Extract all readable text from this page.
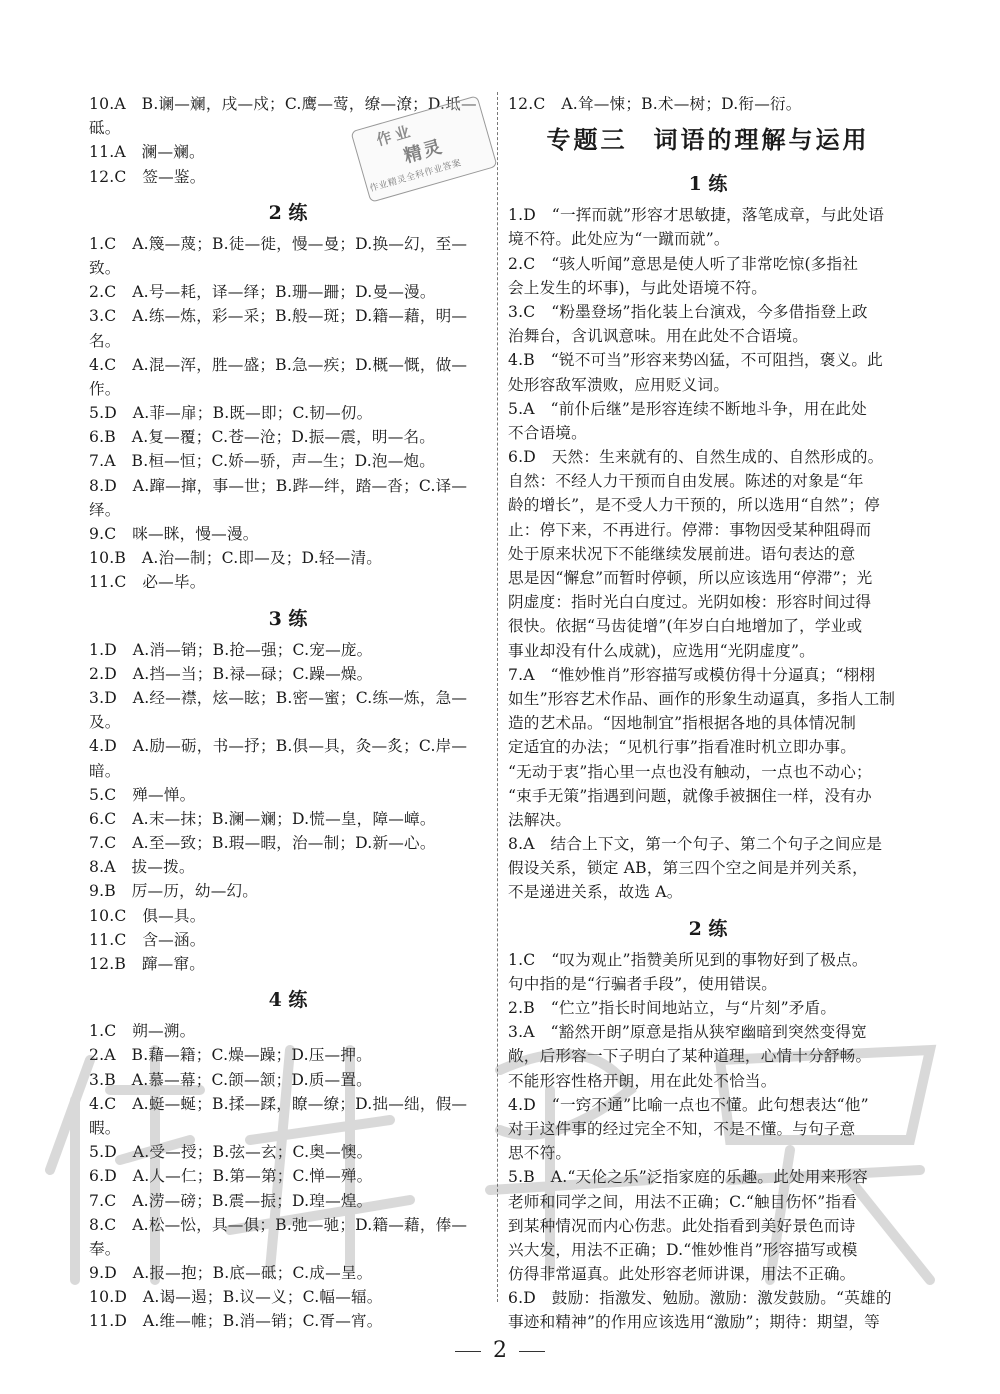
10.A　B.谰—斓，戌—戍；C.鹰—莺，缭—潦；D.坻—
砥。
11.A　澜—斓。
12.C　签—鉴。
2 练
1.C　A.篾—蔑；B.徒—徙，慢—曼；D.换—幻，至—
致。
2.C　A.号—耗，译—绎；B.珊—跚；D.曼—漫。
3.C　A.练—炼，彩—采；B.般—斑；D.籍—藉，明—
名。
4.C　A.混—浑，胜—盛；B.急—疾；D.概—慨，做—
作。
5.D　A.菲—扉；B.既—即；C.韧—仞。
6.B　A.复—覆；C.苍—沧；D.振—震，明—名。
7.A　B.桓—恒；C.娇—骄，声—生；D.泡—炮。
8.D　A.蹿—撺，事—世；B.跸—绊，踏—沓；C.译—
绎。
9.C　咪—眯，慢—漫。
10.B　A.治—制；C.即—及；D.轻—清。
11.C　必—毕。
3 练
1.D　A.消—销；B.抢—强；C.宠—庞。
2.D　A.挡—当；B.禄—碌；C.躁—燥。
3.D　A.经—襟，炫—眩；B.密—蜜；C.练—炼，急—
及。
4.D　A.励—砺，书—抒；B.俱—具，灸—炙；C.岸—
暗。
5.C　殚—惮。
6.C　A.末—抹；B.澜—斓；D.慌—皇，障—嶂。
7.C　A.至—致；B.瑕—暇，治—制；D.新—心。
8.A　拔—拨。
9.B　厉—历，幼—幻。
10.C　俱—具。
11.C　含—涵。
12.B　蹿—窜。
4 练
1.C　朔—溯。
2.A　B.藉—籍；C.燥—躁；D.压—押。
3.B　A.慕—幕；C.颌—颔；D.质—置。
4.C　A.蜓—蜒；B.揉—蹂，瞭—缭；D.拙—绌，假—
暇。
5.D　A.受—授；B.弦—玄；C.奥—懊。
6.D　A.人—仁；B.第—第；C.惮—殚。
7.C　A.涝—磅；B.震—振；D.瑝—煌。
8.C　A.松—忪，具—俱；B.弛—驰；D.籍—藉，俸—
奉。
9.D　A.报—抱；B.底—砥；C.成—呈。
10.D　A.谒—遏；B.议—义；C.幅—辐。
11.D　A.维—帷；B.消—销；C.胥—宵。
12.C　A.耸—悚；B.术—树；D.衔—衍。
专题三 词语的理解与运用
1 练
1.D　“一挥而就”形容才思敏捷，落笔成章，与此处语
境不符。此处应为“一蹴而就”。
2.C　“骇人听闻”意思是使人听了非常吃惊(多指社
会上发生的坏事)，与此处语境不符。
3.C　“粉墨登场”指化装上台演戏，今多借指登上政
治舞台，含讥讽意味。用在此处不合语境。
4.B　“锐不可当”形容来势凶猛，不可阻挡，褒义。此
处形容敌军溃败，应用贬义词。
5.A　“前仆后继”是形容连续不断地斗争，用在此处
不合语境。
6.D　天然：生来就有的、自然生成的、自然形成的。
自然：不经人力干预而自由发展。陈述的对象是“年
龄的增长”，是不受人力干预的，所以选用“自然”；停
止：停下来，不再进行。停滞：事物因受某种阻碍而
处于原来状况下不能继续发展前进。语句表达的意
思是因“懈怠”而暂时停顿，所以应该选用“停滞”；光
阴虚度：指时光白白度过。光阴如梭：形容时间过得
很快。依据“马齿徒增”(年岁白白地增加了，学业或
事业却没有什么成就)，应选用“光阴虚度”。
7.A　“惟妙惟肖”形容描写或模仿得十分逼真；“栩栩
如生”形容艺术作品、画作的形象生动逼真，多指人工制
造的艺术品。“因地制宜”指根据各地的具体情况制
定适宜的办法；“见机行事”指看准时机立即办事。
“无动于衷”指心里一点也没有触动，一点也不动心；
“束手无策”指遇到问题，就像手被捆住一样，没有办
法解决。
8.A　结合上下文，第一个句子、第二个句子之间应是
假设关系，锁定 AB，第三四个空之间是并列关系，
不是递进关系，故选 A。
2 练
1.C　“叹为观止”指赞美所见到的事物好到了极点。
句中指的是“行骗者手段”，使用错误。
2.B　“伫立”指长时间地站立，与“片刻”矛盾。
3.A　“豁然开朗”原意是指从狭窄幽暗到突然变得宽
敞，后形容一下子明白了某种道理，心情十分舒畅。
不能形容性格开朗，用在此处不恰当。
4.D　“一窍不通”比喻一点也不懂。此句想表达“他”
对于这件事的经过完全不知，不是不懂。与句子意
思不符。
5.B　A.“天伦之乐”泛指家庭的乐趣。此处用来形容
老师和同学之间，用法不正确；C.“触目伤怀”指看
到某种情况而内心伤悲。此处指看到美好景色而诗
兴大发，用法不正确；D.“惟妙惟肖”形容描写或模
仿得非常逼真。此处形容老师讲课，用法不正确。
6.D　鼓励：指激发、勉励。激励：激发鼓励。“英雄的
事迹和精神”的作用应该选用“激励”；期待：期望，等
作业
精灵
作业精灵全科作业答案
2
